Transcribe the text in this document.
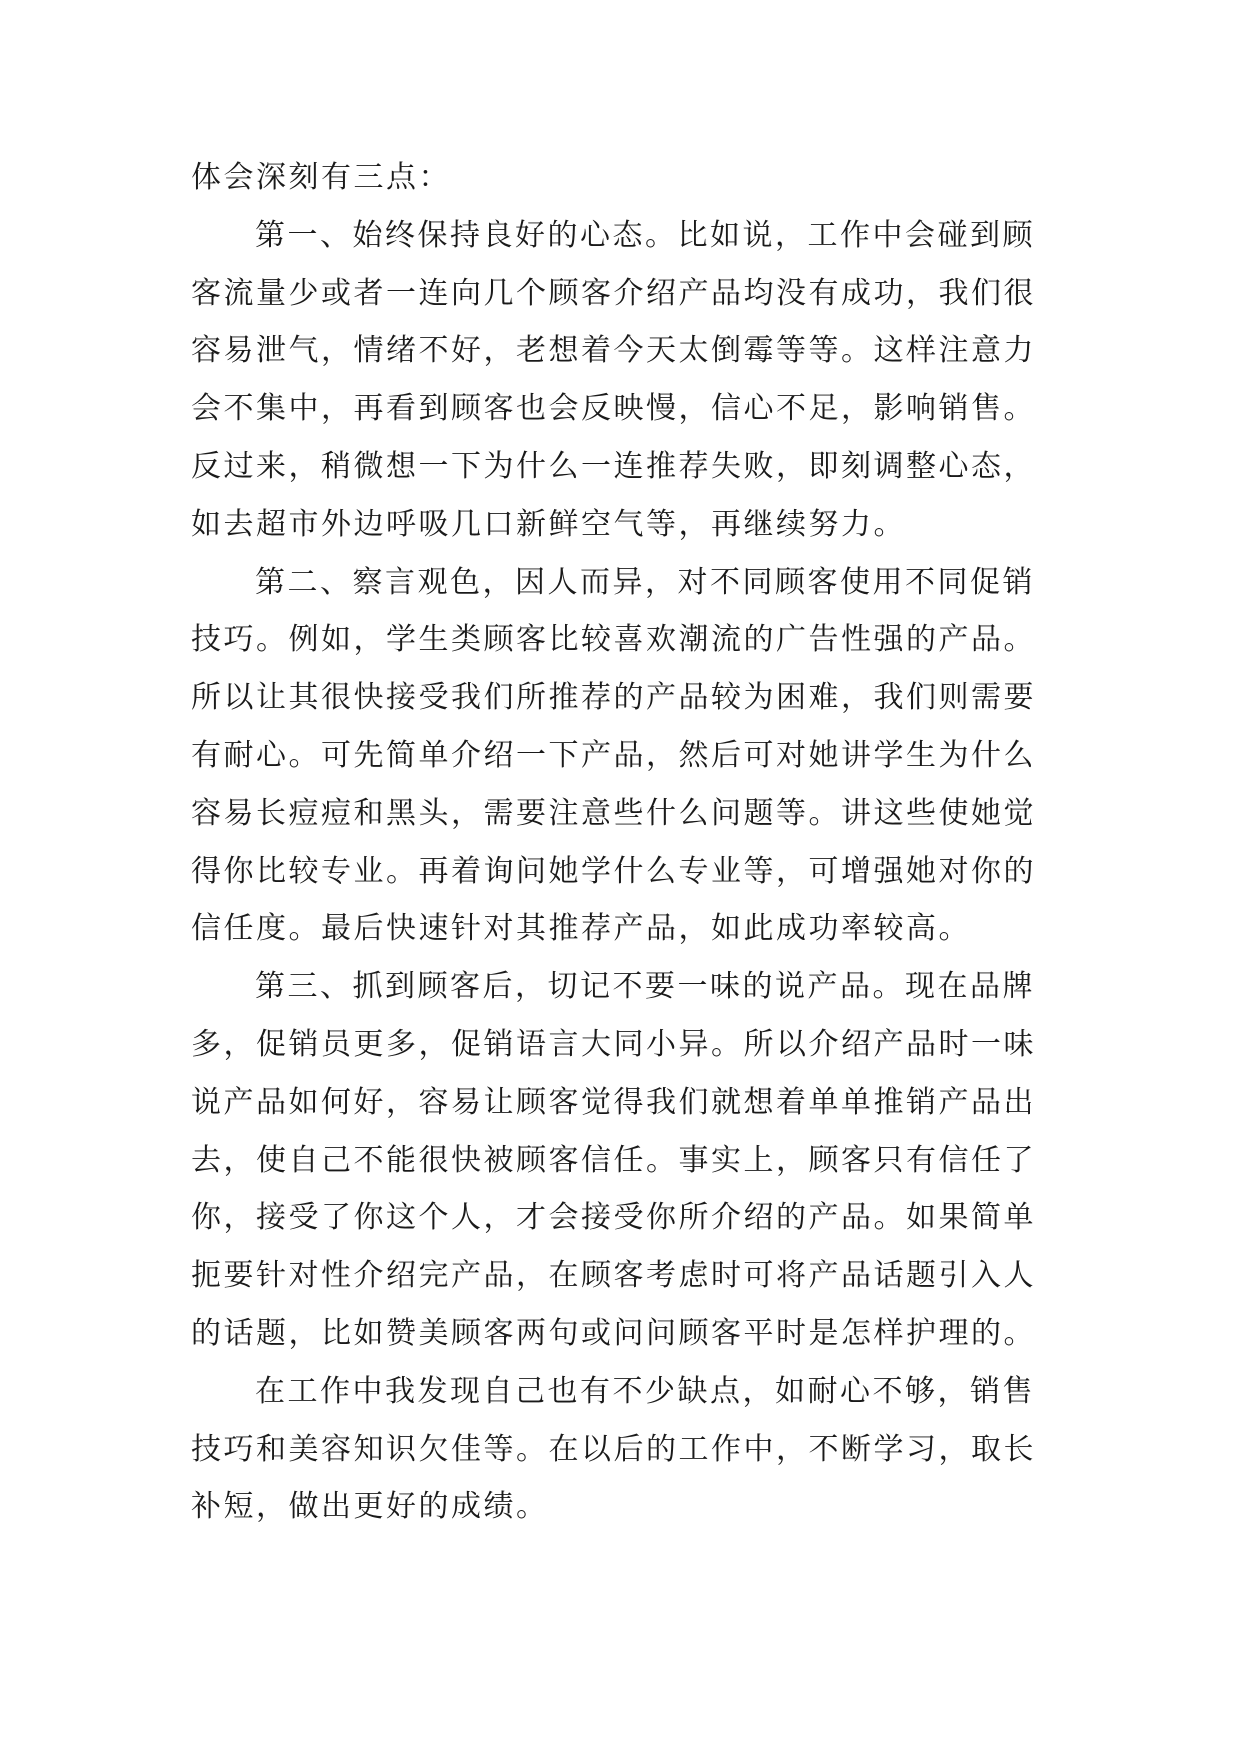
体会深刻有三点：
第一、始终保持良好的心态。比如说，工作中会碰到顾
客流量少或者一连向几个顾客介绍产品均没有成功，我们很
容易泄气，情绪不好，老想着今天太倒霉等等。这样注意力
会不集中，再看到顾客也会反映慢，信心不足，影响销售。
反过来，稍微想一下为什么一连推荐失败，即刻调整心态，
如去超市外边呼吸几口新鲜空气等，再继续努力。
第二、察言观色，因人而异，对不同顾客使用不同促销
技巧。例如，学生类顾客比较喜欢潮流的广告性强的产品。
所以让其很快接受我们所推荐的产品较为困难，我们则需要
有耐心。可先简单介绍一下产品，然后可对她讲学生为什么
容易长痘痘和黑头，需要注意些什么问题等。讲这些使她觉
得你比较专业。再着询问她学什么专业等，可增强她对你的
信任度。最后快速针对其推荐产品，如此成功率较高。
第三、抓到顾客后，切记不要一味的说产品。现在品牌
多，促销员更多，促销语言大同小异。所以介绍产品时一味
说产品如何好，容易让顾客觉得我们就想着单单推销产品出
去，使自己不能很快被顾客信任。事实上，顾客只有信任了
你，接受了你这个人，才会接受你所介绍的产品。如果简单
扼要针对性介绍完产品，在顾客考虑时可将产品话题引入人
的话题，比如赞美顾客两句或问问顾客平时是怎样护理的。
在工作中我发现自己也有不少缺点，如耐心不够，销售
技巧和美容知识欠佳等。在以后的工作中，不断学习，取长
补短，做出更好的成绩。
